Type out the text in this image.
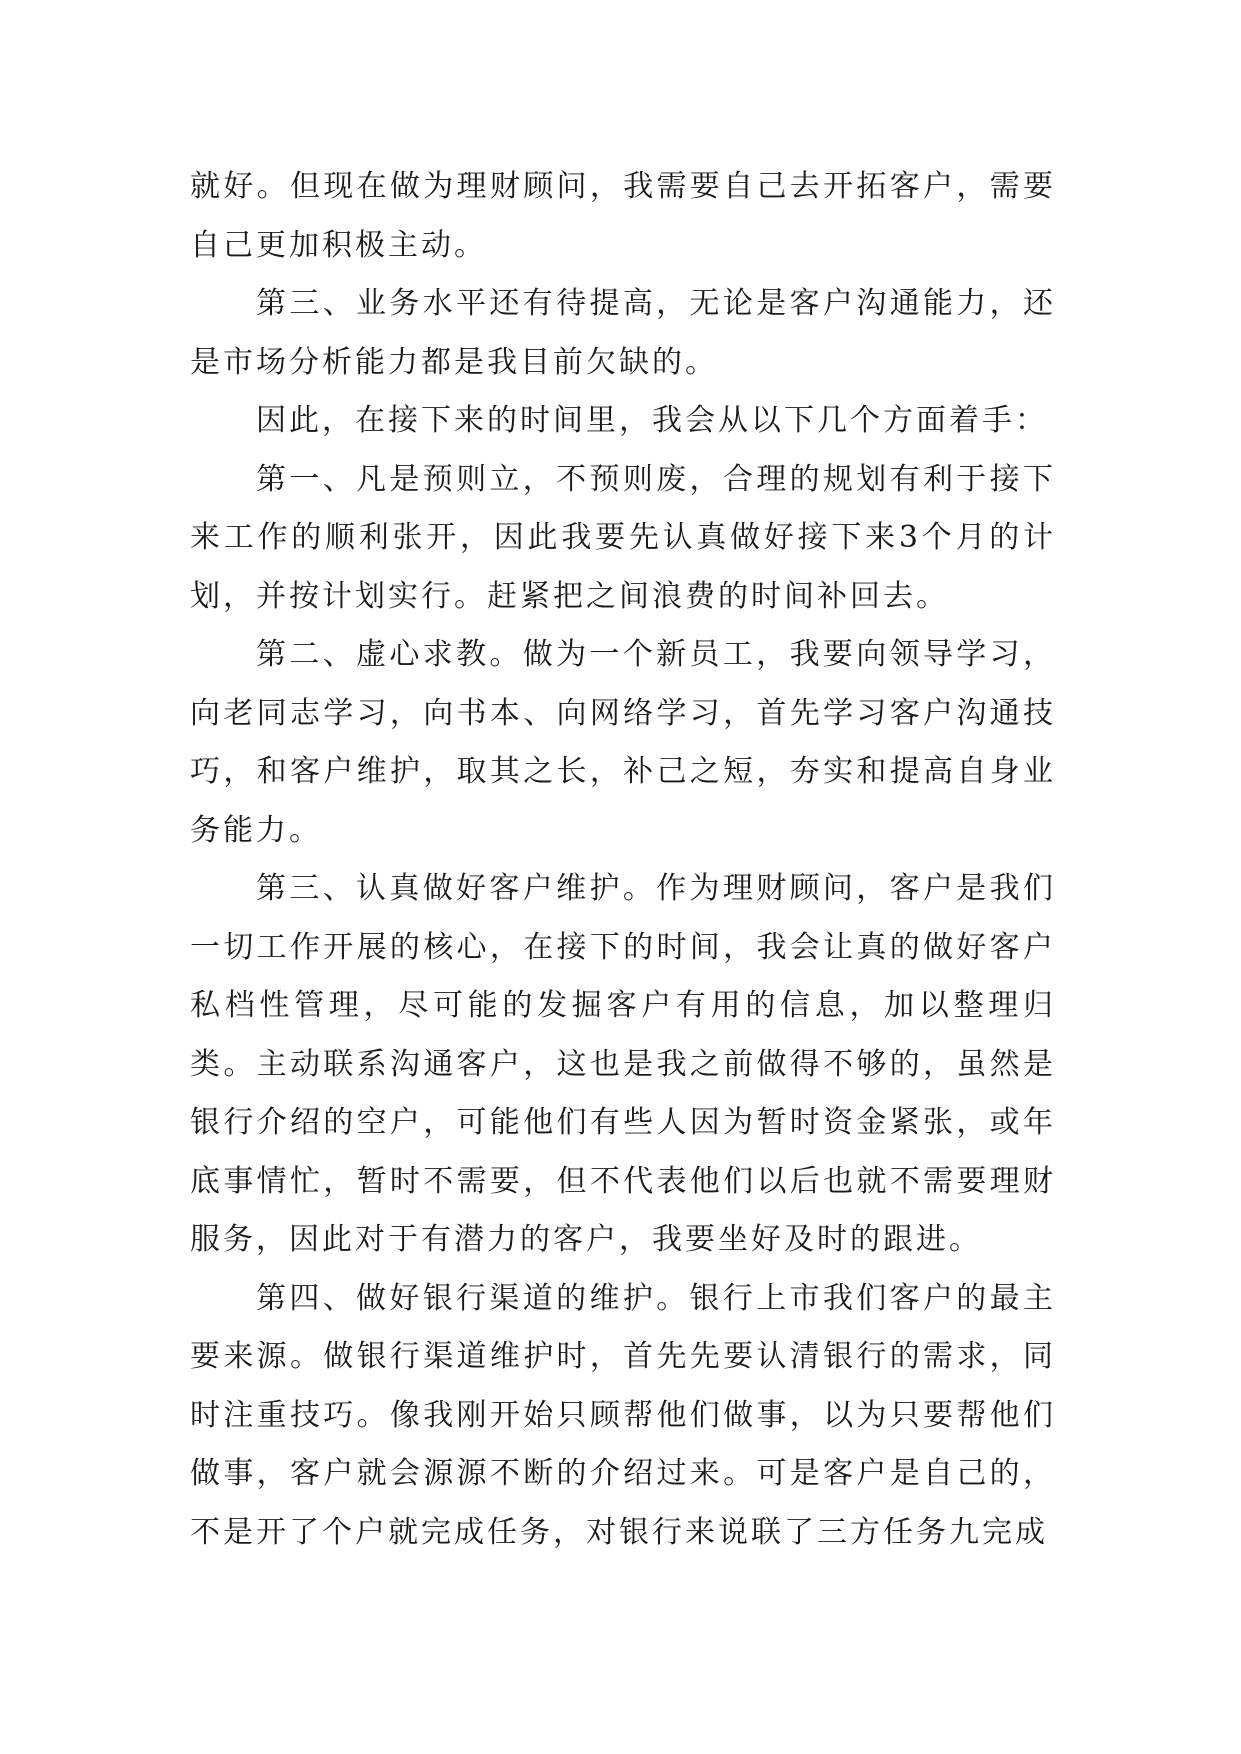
就好。但现在做为理财顾问，我需要自己去开拓客户，需要自己更加积极主动。

第三、业务水平还有待提高，无论是客户沟通能力，还是市场分析能力都是我目前欠缺的。

因此，在接下来的时间里，我会从以下几个方面着手：

第一、凡是预则立，不预则废，合理的规划有利于接下来工作的顺利张开，因此我要先认真做好接下来3个月的计划，并按计划实行。赶紧把之间浪费的时间补回去。

第二、虚心求教。做为一个新员工，我要向领导学习，向老同志学习，向书本、向网络学习，首先学习客户沟通技巧，和客户维护，取其之长，补己之短，夯实和提高自身业务能力。

第三、认真做好客户维护。作为理财顾问，客户是我们一切工作开展的核心，在接下的时间，我会让真的做好客户私档性管理，尽可能的发掘客户有用的信息，加以整理归类。主动联系沟通客户，这也是我之前做得不够的，虽然是银行介绍的空户，可能他们有些人因为暂时资金紧张，或年底事情忙，暂时不需要，但不代表他们以后也就不需要理财服务，因此对于有潜力的客户，我要坐好及时的跟进。

第四、做好银行渠道的维护。银行上市我们客户的最主要来源。做银行渠道维护时，首先先要认清银行的需求，同时注重技巧。像我刚开始只顾帮他们做事，以为只要帮他们做事，客户就会源源不断的介绍过来。可是客户是自己的，不是开了个户就完成任务，对银行来说联了三方任务九完成
